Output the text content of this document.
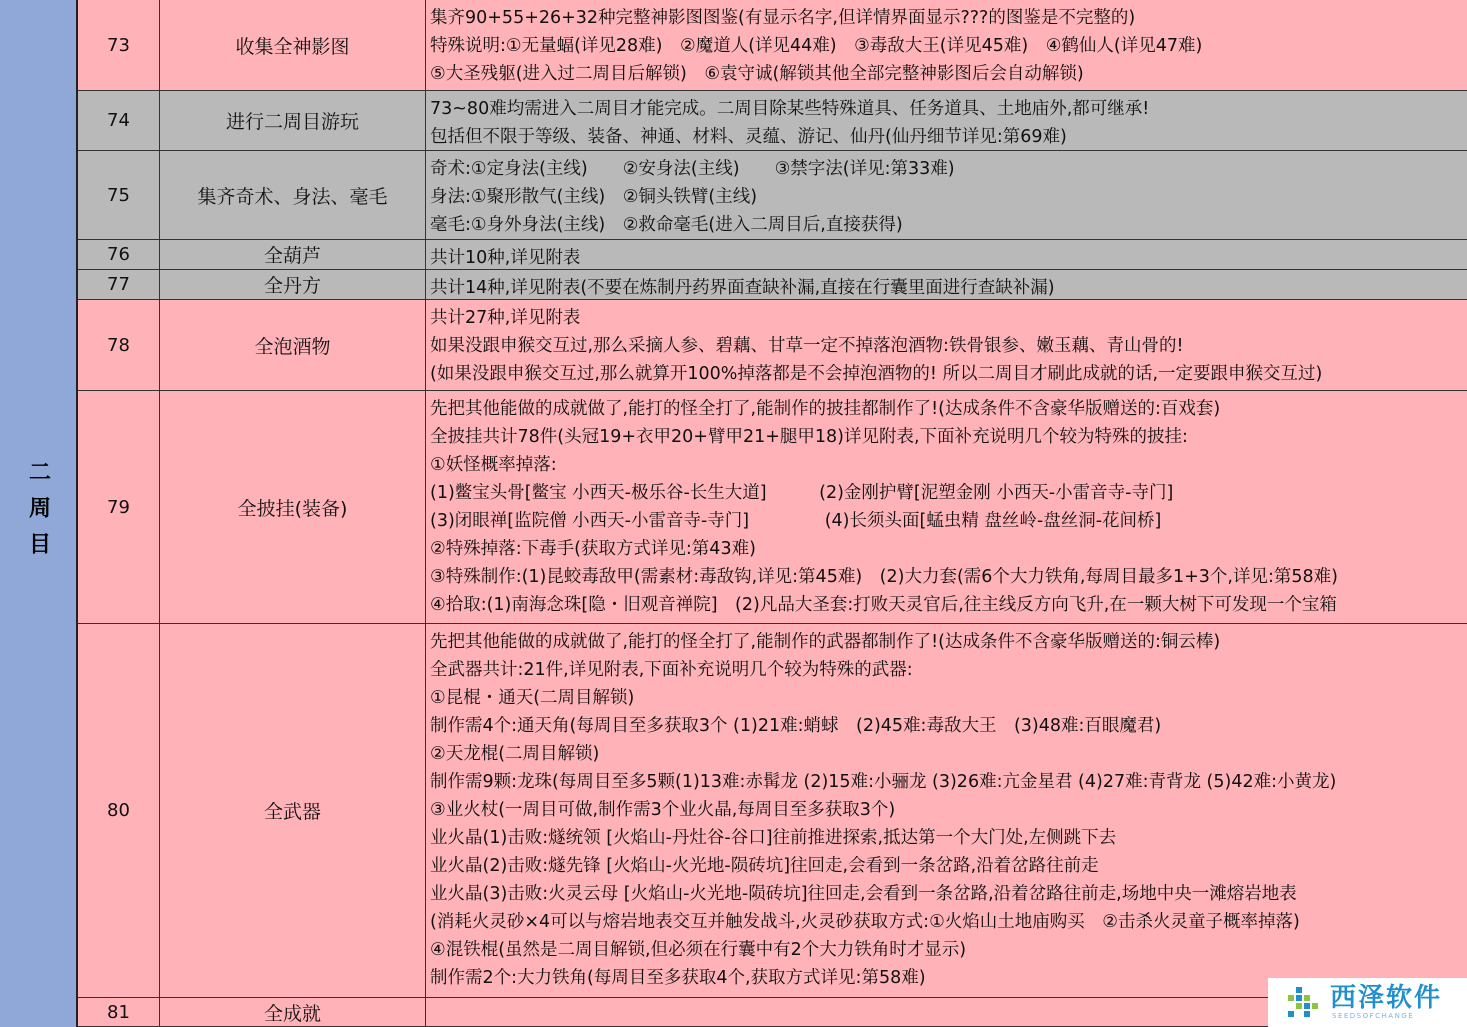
二周目
73	收集全神影图
集齐90+55+26+32种完整神影图图鉴(有显示名字,但详情界面显示???的图鉴是不完整的)
特殊说明:①无量蝠(详见28难)　②魔道人(详见44难)　③毒敌大王(详见45难)　④鹤仙人(详见47难)
⑤大圣残躯(进入过二周目后解锁)　⑥袁守诚(解锁其他全部完整神影图后会自动解锁)
74	进行二周目游玩
73~80难均需进入二周目才能完成。二周目除某些特殊道具、任务道具、土地庙外,都可继承!
包括但不限于等级、装备、神通、材料、灵蕴、游记、仙丹(仙丹细节详见:第69难)
75	集齐奇术、身法、毫毛
奇术:①定身法(主线)　　②安身法(主线)　　③禁字法(详见:第33难)
身法:①聚形散气(主线)　②铜头铁臂(主线)
毫毛:①身外身法(主线)　②救命毫毛(进入二周目后,直接获得)
76	全葫芦	共计10种,详见附表
77	全丹方	共计14种,详见附表(不要在炼制丹药界面查缺补漏,直接在行囊里面进行查缺补漏)
78	全泡酒物
共计27种,详见附表
如果没跟申猴交互过,那么采摘人参、碧藕、甘草一定不掉落泡酒物:铁骨银参、嫩玉藕、青山骨的!
(如果没跟申猴交互过,那么就算开100%掉落都是不会掉泡酒物的! 所以二周目才刷此成就的话,一定要跟申猴交互过)
79	全披挂(装备)
先把其他能做的成就做了,能打的怪全打了,能制作的披挂都制作了!(达成条件不含豪华版赠送的:百戏套)
全披挂共计78件(头冠19+衣甲20+臂甲21+腿甲18)详见附表,下面补充说明几个较为特殊的披挂:
①妖怪概率掉落:
(1)鳖宝头骨[鳖宝 小西天-极乐谷-长生大道]　　　(2)金刚护臂[泥塑金刚 小西天-小雷音寺-寺门]
(3)闭眼禅[监院僧 小西天-小雷音寺-寺门]　　　　 (4)长须头面[蜢虫精 盘丝岭-盘丝洞-花间桥]
②特殊掉落:下毒手(获取方式详见:第43难)
③特殊制作:(1)昆蛟毒敌甲(需素材:毒敌钩,详见:第45难)　(2)大力套(需6个大力铁角,每周目最多1+3个,详见:第58难)
④拾取:(1)南海念珠[隐・旧观音禅院]　(2)凡品大圣套:打败天灵官后,往主线反方向飞升,在一颗大树下可发现一个宝箱
80	全武器
先把其他能做的成就做了,能打的怪全打了,能制作的武器都制作了!(达成条件不含豪华版赠送的:铜云棒)
全武器共计:21件,详见附表,下面补充说明几个较为特殊的武器:
①昆棍・通天(二周目解锁)
制作需4个:通天角(每周目至多获取3个 (1)21难:蛸蛷　(2)45难:毒敌大王　(3)48难:百眼魔君)
②天龙棍(二周目解锁)
制作需9颗:龙珠(每周目至多5颗(1)13难:赤髯龙 (2)15难:小骊龙 (3)26难:亢金星君 (4)27难:青背龙 (5)42难:小黄龙)
③业火杖(一周目可做,制作需3个业火晶,每周目至多获取3个)
业火晶(1)击败:燧统领 [火焰山-丹灶谷-谷口]往前推进探索,抵达第一个大门处,左侧跳下去
业火晶(2)击败:燧先锋 [火焰山-火光地-陨砖坑]往回走,会看到一条岔路,沿着岔路往前走
业火晶(3)击败:火灵云母 [火焰山-火光地-陨砖坑]往回走,会看到一条岔路,沿着岔路往前走,场地中央一滩熔岩地表
(消耗火灵砂×4可以与熔岩地表交互并触发战斗,火灵砂获取方式:①火焰山土地庙购买　②击杀火灵童子概率掉落)
④混铁棍(虽然是二周目解锁,但必须在行囊中有2个大力铁角时才显示)
制作需2个:大力铁角(每周目至多获取4个,获取方式详见:第58难)
81	全成就
西泽软件
SEEDSOFCHANGE
